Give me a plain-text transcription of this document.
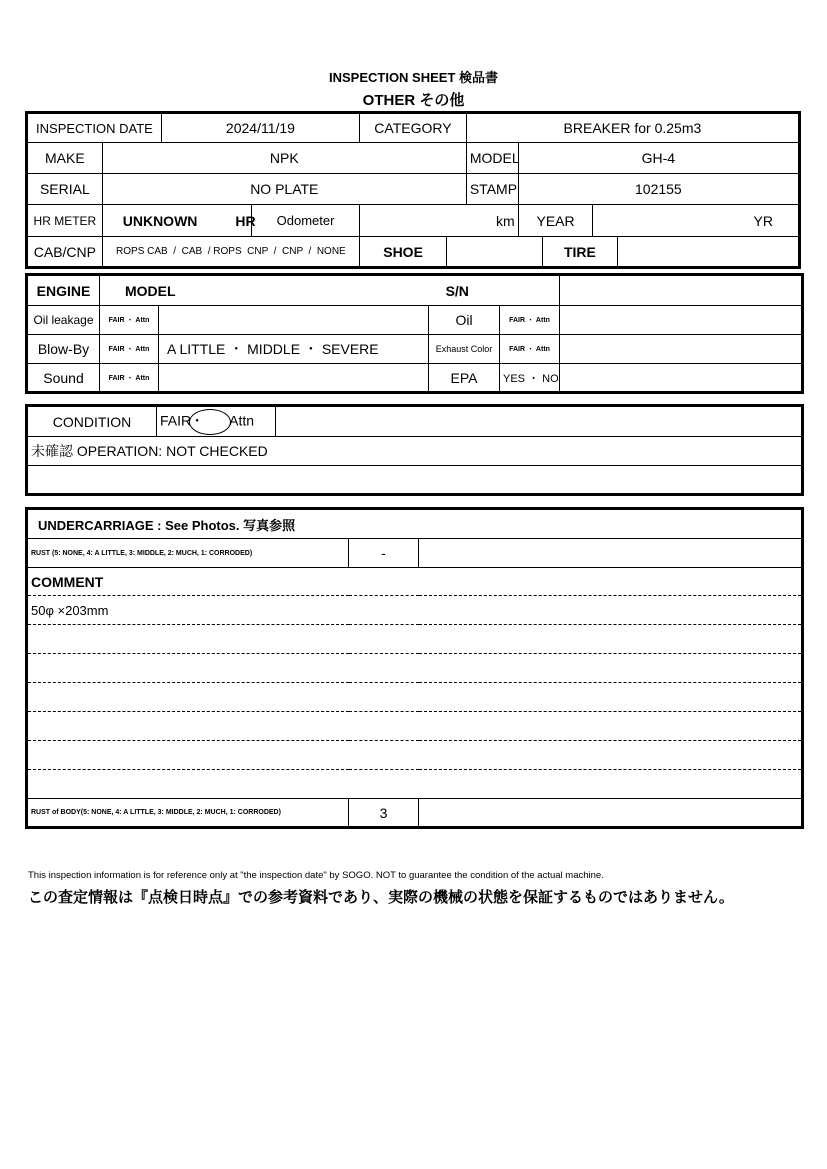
INSPECTION SHEET 検品書
OTHER その他
INSPECTION DATE		2024/11/19		CATEGORY		BREAKER for 0.25m3				
MAKE	NPK					MODEL	GH-4			
SERIAL	NO PLATE					STAMP	102155			
HR METER	UNKNOWN HR		Odometer	km			YEAR		YR	
CAB/CNP	ROPS CAB  /  CAB  / ROPS  CNP  /  CNP  /  NONE			SHOE				TIRE		
ENGINE	MODEL S/N				
Oil leakage	FAIR ・ Attn		Oil	FAIR ・ Attn	
Blow-By	FAIR ・ Attn	A LITTLE ・ MIDDLE ・ SEVERE	Exhaust Color	FAIR ・ Attn	
Sound	FAIR ・ Attn		EPA	YES ・ NO	
CONDITION	FAIR・ Attn	
未確認 OPERATION: NOT CHECKED

UNDERCARRIAGE : See Photos. 写真参照		
RUST (5: NONE, 4: A LITTLE, 3: MIDDLE, 2: MUCH, 1: CORRODED)	-	
COMMENT		
50φ ×203mm		

RUST of BODY(5: NONE, 4: A LITTLE, 3: MIDDLE, 2: MUCH, 1: CORRODED)	3	
This inspection information is for reference only at "the inspection date" by SOGO. NOT to guarantee the condition of the actual machine.
この査定情報は『点検日時点』での参考資料であり、実際の機械の状態を保証するものではありません。
